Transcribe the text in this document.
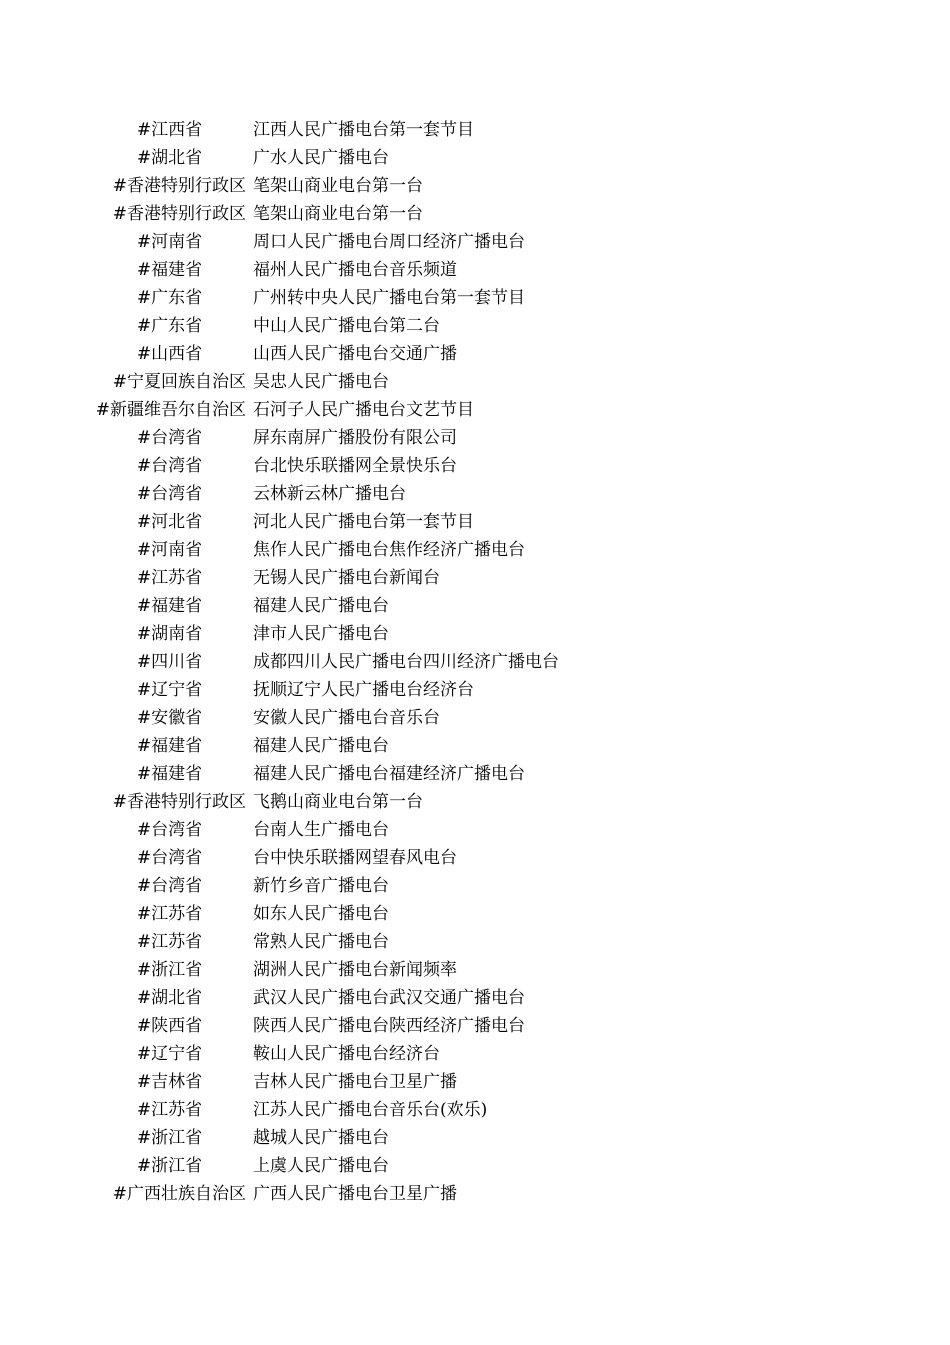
#江西省	江西人民广播电台第一套节目
#湖北省	广水人民广播电台
#香港特别行政区 笔架山商业电台第一台
#香港特别行政区 笔架山商业电台第一台
#河南省	周口人民广播电台周口经济广播电台
#福建省	福州人民广播电台音乐频道
#广东省	广州转中央人民广播电台第一套节目
#广东省	中山人民广播电台第二台
#山西省	山西人民广播电台交通广播
#宁夏回族自治区 吴忠人民广播电台
#新疆维吾尔自治区 石河子人民广播电台文艺节目
#台湾省	屏东南屏广播股份有限公司
#台湾省	台北快乐联播网全景快乐台
#台湾省	云林新云林广播电台
#河北省	河北人民广播电台第一套节目
#河南省	焦作人民广播电台焦作经济广播电台
#江苏省	无锡人民广播电台新闻台
#福建省	福建人民广播电台
#湖南省	津市人民广播电台
#四川省	成都四川人民广播电台四川经济广播电台
#辽宁省	抚顺辽宁人民广播电台经济台
#安徽省	安徽人民广播电台音乐台
#福建省	福建人民广播电台
#福建省	福建人民广播电台福建经济广播电台
#香港特别行政区 飞鹅山商业电台第一台
#台湾省	台南人生广播电台
#台湾省	台中快乐联播网望春风电台
#台湾省	新竹乡音广播电台
#江苏省	如东人民广播电台
#江苏省	常熟人民广播电台
#浙江省	湖洲人民广播电台新闻频率
#湖北省	武汉人民广播电台武汉交通广播电台
#陕西省	陕西人民广播电台陕西经济广播电台
#辽宁省	鞍山人民广播电台经济台
#吉林省	吉林人民广播电台卫星广播
#江苏省	江苏人民广播电台音乐台(欢乐)
#浙江省	越城人民广播电台
#浙江省	上虞人民广播电台
#广西壮族自治区 广西人民广播电台卫星广播
